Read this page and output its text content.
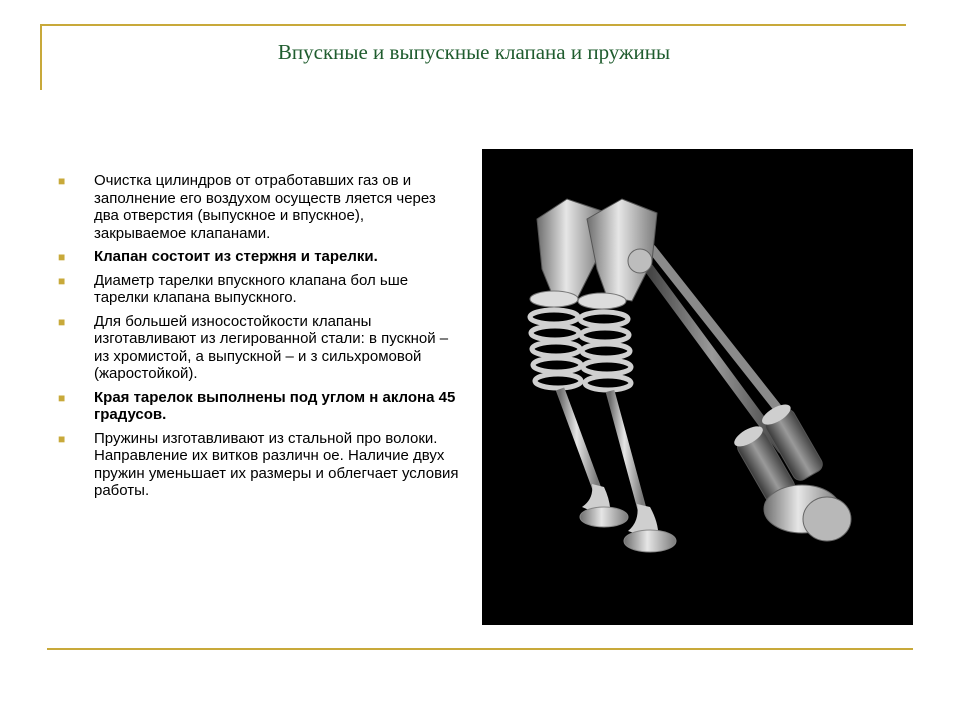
Впускные и выпускные клапана и пружины
■ Очистка цилиндров от отработавших газ ов и заполнение его воздухом осуществ ляется через два отверстия (выпускное и впускное), закрываемое клапанами.
■ Клапан состоит из стержня и тарелки.
■ Диаметр тарелки впускного клапана бол ьше тарелки клапана выпускного.
■ Для большей износостойкости клапаны изготавливают из легированной стали: в пускной – из хромистой, а выпускной – и з сильхромовой (жаростойкой).
■ Края тарелок выполнены под углом н аклона 45 градусов.
■ Пружины изготавливают из стальной про волоки. Направление их витков различн ое. Наличие двух пружин уменьшает их размеры и облегчает условия работы.
